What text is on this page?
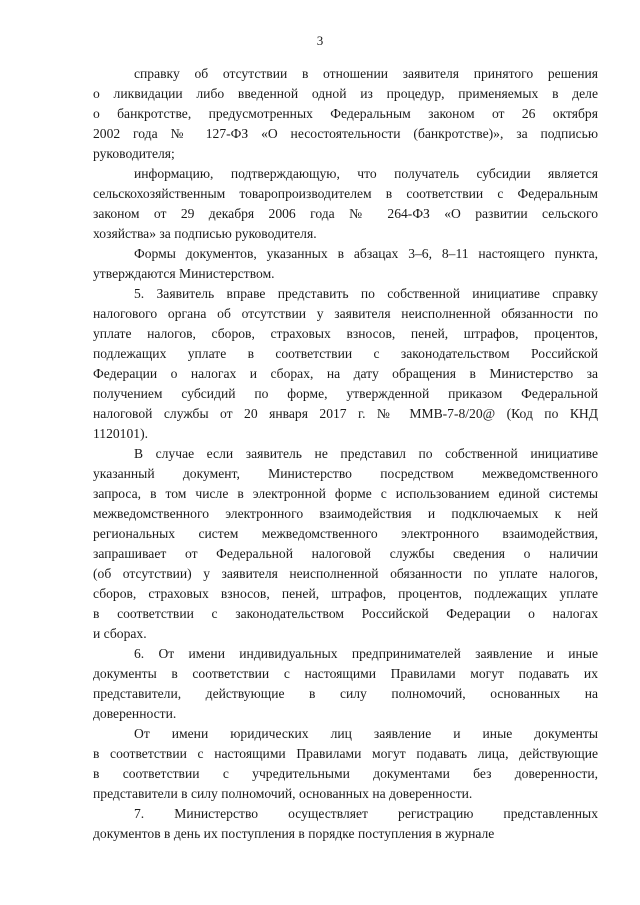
3
справку об отсутствии в отношении заявителя принятого решения
о ликвидации либо введенной одной из процедур, применяемых в деле
о банкротстве, предусмотренных Федеральным законом от 26 октября
2002 года № 127-ФЗ «О несостоятельности (банкротстве)», за подписью
руководителя;
информацию, подтверждающую, что получатель субсидии является
сельскохозяйственным товаропроизводителем в соответствии с Федеральным
законом от 29 декабря 2006 года № 264-ФЗ «О развитии сельского
хозяйства» за подписью руководителя.
Формы документов, указанных в абзацах 3–6, 8–11 настоящего пункта,
утверждаются Министерством.
5. Заявитель вправе представить по собственной инициативе справку
налогового органа об отсутствии у заявителя неисполненной обязанности по
уплате налогов, сборов, страховых взносов, пеней, штрафов, процентов,
подлежащих уплате в соответствии с законодательством Российской
Федерации о налогах и сборах, на дату обращения в Министерство за
получением субсидий по форме, утвержденной приказом Федеральной
налоговой службы от 20 января 2017 г. № ММВ-7-8/20@ (Код по КНД
1120101).
В случае если заявитель не представил по собственной инициативе
указанный документ, Министерство посредством межведомственного
запроса, в том числе в электронной форме с использованием единой системы
межведомственного электронного взаимодействия и подключаемых к ней
региональных систем межведомственного электронного взаимодействия,
запрашивает от Федеральной налоговой службы сведения о наличии
(об отсутствии) у заявителя неисполненной обязанности по уплате налогов,
сборов, страховых взносов, пеней, штрафов, процентов, подлежащих уплате
в соответствии с законодательством Российской Федерации о налогах
и сборах.
6. От имени индивидуальных предпринимателей заявление и иные
документы в соответствии с настоящими Правилами могут подавать их
представители, действующие в силу полномочий, основанных на
доверенности.
От имени юридических лиц заявление и иные документы
в соответствии с настоящими Правилами могут подавать лица, действующие
в соответствии с учредительными документами без доверенности,
представители в силу полномочий, основанных на доверенности.
7. Министерство осуществляет регистрацию представленных
документов в день их поступления в порядке поступления в журнале
